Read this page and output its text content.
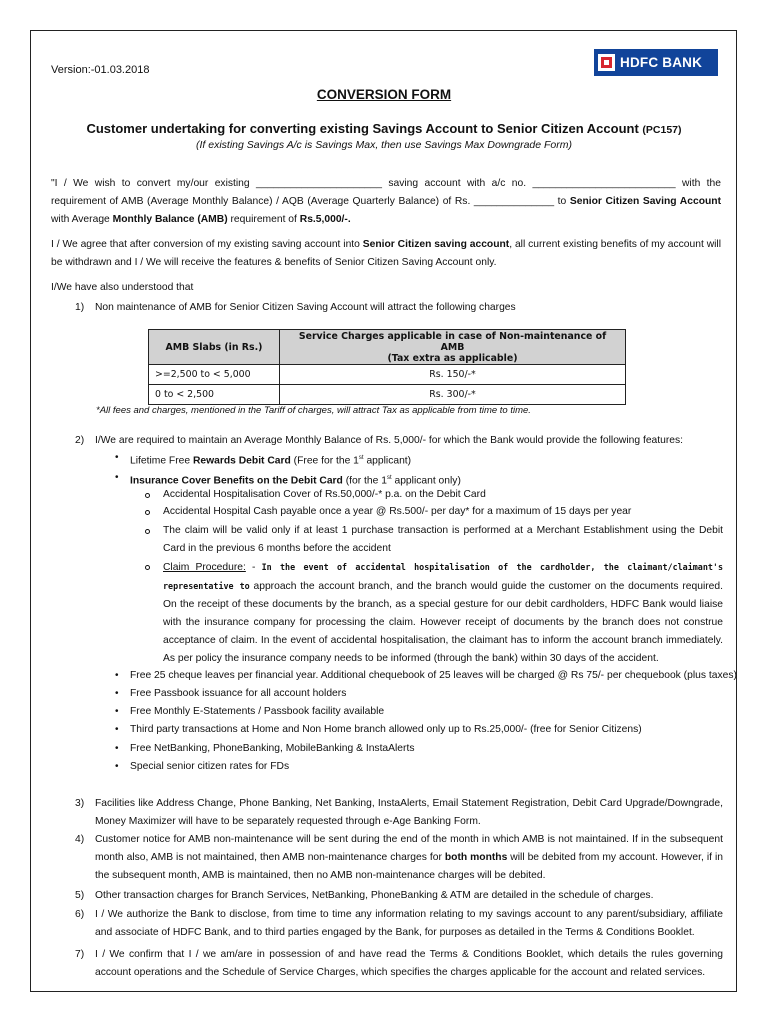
Version:-01.03.2018	HDFC BANK
CONVERSION FORM
Customer undertaking for converting existing Savings Account to Senior Citizen Account (PC157)
(If existing Savings A/c is Savings Max, then use Savings Max Downgrade Form)
"I / We wish to convert my/our existing ______________________ saving account with a/c no. _________________________ with the requirement of AMB (Average Monthly Balance) / AQB (Average Quarterly Balance) of Rs. ______________ to Senior Citizen Saving Account with Average Monthly Balance (AMB) requirement of Rs.5,000/-.
I / We agree that after conversion of my existing saving account into Senior Citizen saving account, all current existing benefits of my account will be withdrawn and I / We will receive the features & benefits of Senior Citizen Saving Account only.
I/We have also understood that
1) Non maintenance of AMB for Senior Citizen Saving Account will attract the following charges
AMB Slabs (in Rs.)	Service Charges applicable in case of Non-maintenance of AMB
(Tax extra as applicable)

>=2,500 to < 5,000	Rs. 150/-*
0 to < 2,500	Rs. 300/-*
*All fees and charges, mentioned in the Tariff of charges, will attract Tax as applicable from time to time.
2) I/We are required to maintain an Average Monthly Balance of Rs. 5,000/- for which the Bank would provide the following features:
• Lifetime Free Rewards Debit Card (Free for the 1st applicant)
• Insurance Cover Benefits on the Debit Card (for the 1st applicant only)
Accidental Hospitalisation Cover of Rs.50,000/-* p.a. on the Debit Card
Accidental Hospital Cash payable once a year @ Rs.500/- per day* for a maximum of 15 days per year
The claim will be valid only if at least 1 purchase transaction is performed at a Merchant Establishment using the Debit Card in the previous 6 months before the accident
Claim Procedure: - In the event of accidental hospitalisation of the cardholder, the claimant/claimant's representative to approach the account branch, and the branch would guide the customer on the documents required. On the receipt of these documents by the branch, as a special gesture for our debit cardholders, HDFC Bank would liaise with the insurance company for processing the claim. However receipt of documents by the branch does not construe acceptance of claim. In the event of accidental hospitalisation, the claimant has to inform the account branch immediately. As per policy the insurance company needs to be informed (through the bank) within 30 days of the accident.
• Free 25 cheque leaves per financial year. Additional chequebook of 25 leaves will be charged @ Rs 75/- per chequebook (plus taxes)
• Free Passbook issuance for all account holders
• Free Monthly E-Statements / Passbook facility available
• Third party transactions at Home and Non Home branch allowed only up to Rs.25,000/- (free for Senior Citizens)
• Free NetBanking, PhoneBanking, MobileBanking & InstaAlerts
• Special senior citizen rates for FDs
3) Facilities like Address Change, Phone Banking, Net Banking, InstaAlerts, Email Statement Registration, Debit Card Upgrade/Downgrade, Money Maximizer will have to be separately requested through e-Age Banking Form.
4) Customer notice for AMB non-maintenance will be sent during the end of the month in which AMB is not maintained. If in the subsequent month also, AMB is not maintained, then AMB non-maintenance charges for both months will be debited from my account. However, if in the subsequent month, AMB is maintained, then no AMB non-maintenance charges will be debited.
5) Other transaction charges for Branch Services, NetBanking, PhoneBanking & ATM are detailed in the schedule of charges.
6) I / We authorize the Bank to disclose, from time to time any information relating to my savings account to any parent/subsidiary, affiliate and associate of HDFC Bank, and to third parties engaged by the Bank, for purposes as detailed in the Terms & Conditions Booklet.
7) I / We confirm that I / we am/are in possession of and have read the Terms & Conditions Booklet, which details the rules governing account operations and the Schedule of Service Charges, which specifies the charges applicable for the account and related services.
